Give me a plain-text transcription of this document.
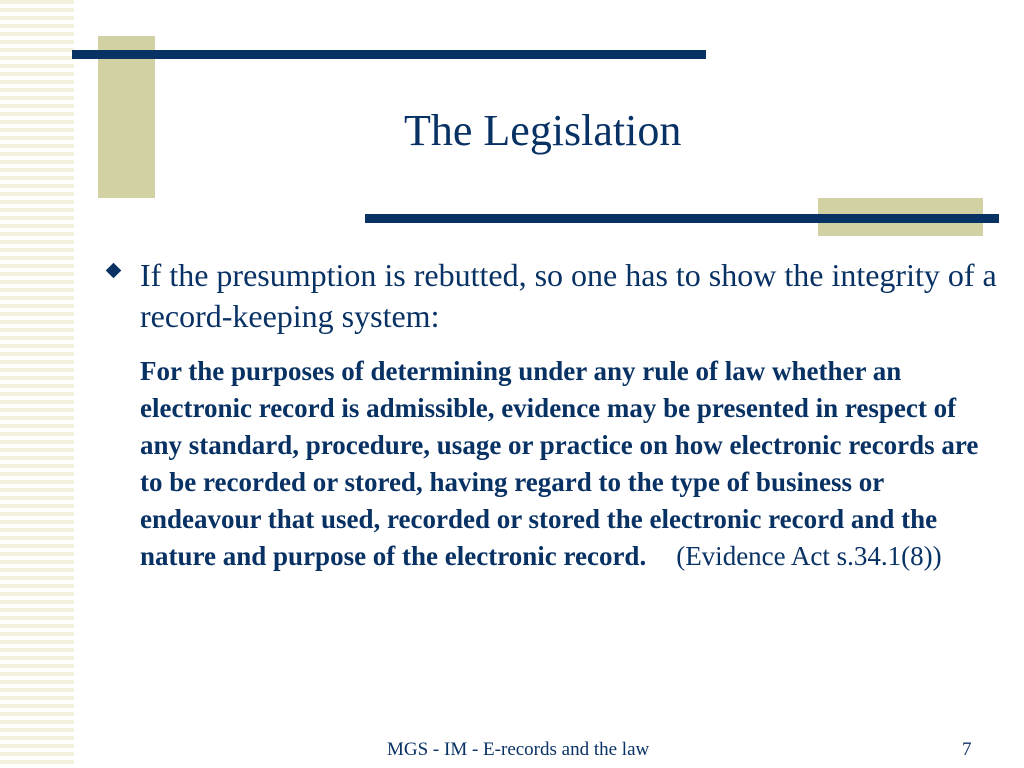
The Legislation
If the presumption is rebutted, so one has to show the integrity of a record-keeping system:
For the purposes of determining under any rule of law whether an electronic record is admissible, evidence may be presented in respect of any standard, procedure, usage or practice on how electronic records are to be recorded or stored, having regard to the type of business or endeavour that used, recorded or stored the electronic record and the nature and purpose of the electronic record. (Evidence Act s.34.1(8))
MGS - IM - E-records and the law	7
